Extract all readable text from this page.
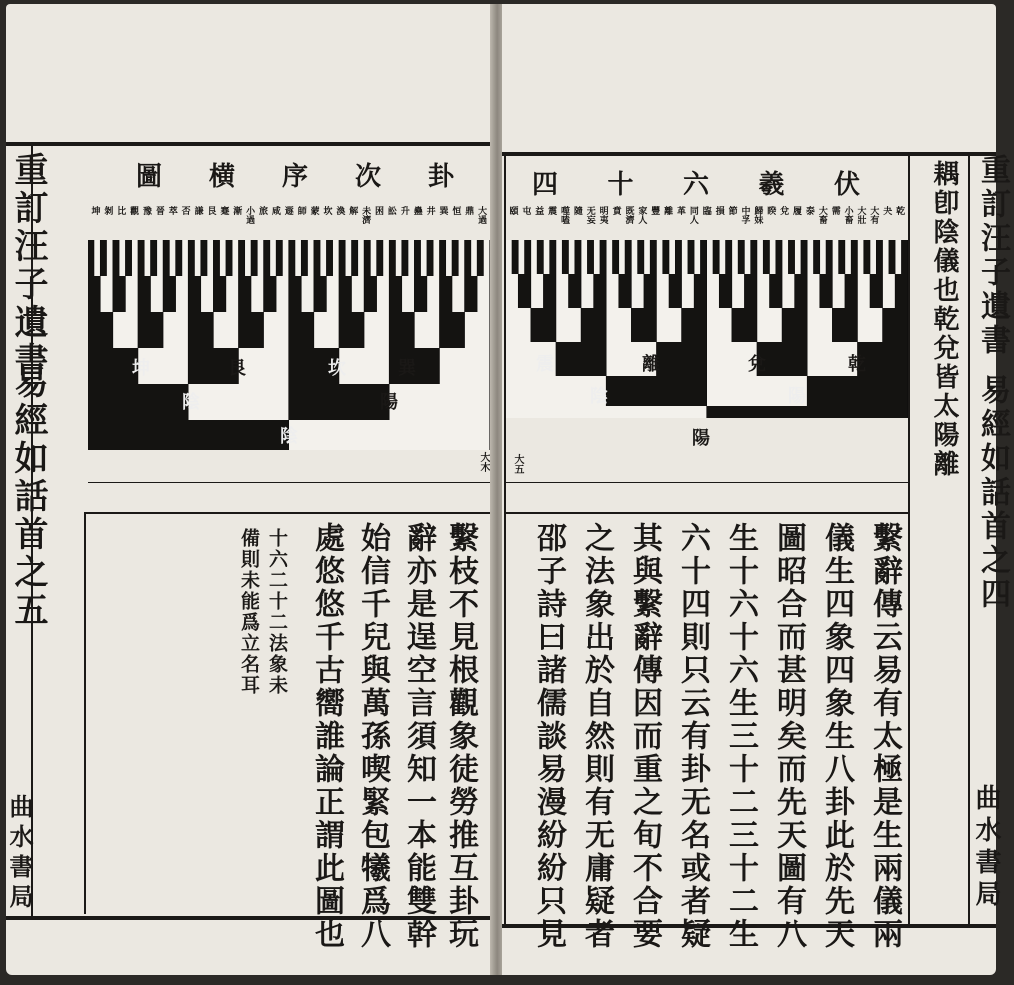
重訂汪子遺書
易經如話首之五
曲水書局
圖 横 序 次 卦
坤 剝 比 觀 豫 晉 萃 否 謙 艮 蹇 漸 小過 旅 咸 遯 師 蒙 坎 渙 解 未濟 困 訟 升 蠱 井 巽 恒 鼎 大過
巽
坎
艮
坤
陽
陰
陰
大木
繫枝不見根觀象徒勞推互卦玩
辭亦是逞空言須知一本能雙幹
始信千兒與萬孫喫緊包犧爲八
處悠悠千古嚮誰論正謂此圖也
十六二十二法象未
備則未能爲立名耳
四 十 六 羲 伏
頤 屯 益 震 噬嗑 隨 无妄 明夷 賁 既濟 家人 豐 離 革 同人 臨 損 節 中孚 歸妹 睽 兌 履 泰 大畜 需 小畜 大壯 大有 夬 乾
乾
兌
離
震
陽
陰
陽
大五	耦卽陰儀也乾兌皆太陽離
繫辭傳云易有太極是生兩儀兩
儀生四象四象生八卦此於先天
圖昭合而甚明矣而先天圖有八
生十六十六生三十二三十二生
六十四則只云有卦无名或者疑
其與繫辭傳因而重之旬不合要
之法象出於自然則有无庸疑者
邵子詩曰諸儒談易漫紛紛只見
重訂汪子遺書
易經如話首之四
曲水書局
